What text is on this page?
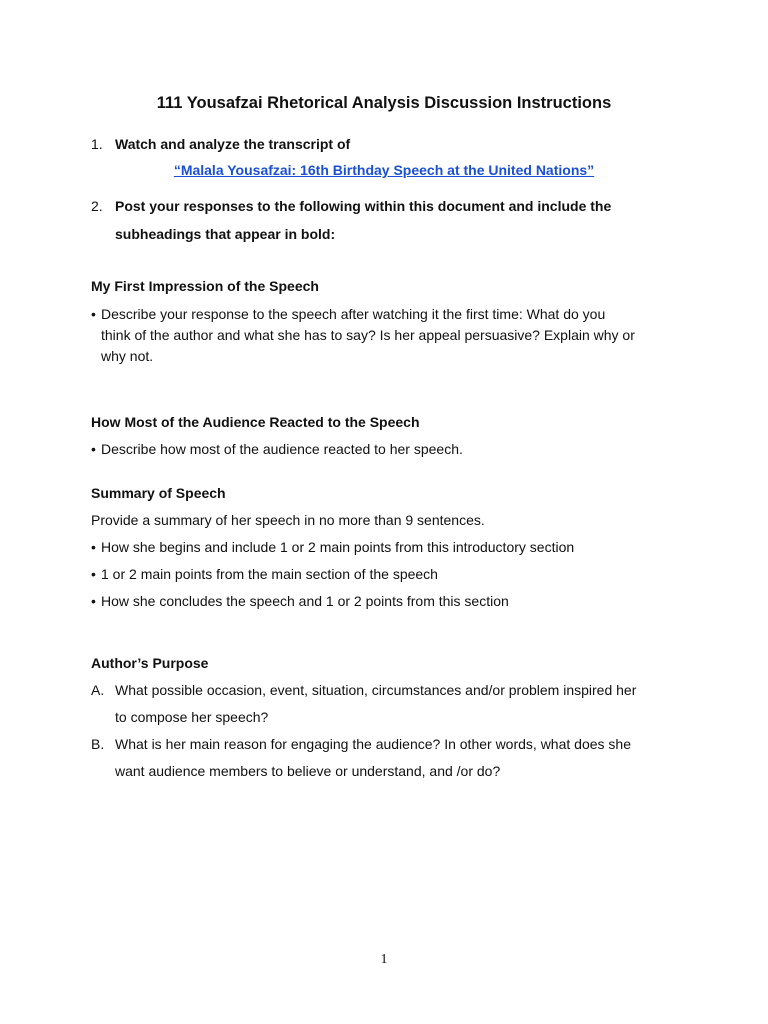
111 Yousafzai Rhetorical Analysis Discussion Instructions
1. Watch and analyze the transcript of
“Malala Yousafzai: 16th Birthday Speech at the United Nations”
2. Post your responses to the following within this document and include the
subheadings that appear in bold:
My First Impression of the Speech
• Describe your response to the speech after watching it the first time: What do you
think of the author and what she has to say? Is her appeal persuasive? Explain why or
why not.
How Most of the Audience Reacted to the Speech
• Describe how most of the audience reacted to her speech.
Summary of Speech
Provide a summary of her speech in no more than 9 sentences.
• How she begins and include 1 or 2 main points from this introductory section
• 1 or 2 main points from the main section of the speech
• How she concludes the speech and 1 or 2 points from this section
Author’s Purpose
A. What possible occasion, event, situation, circumstances and/or problem inspired her
to compose her speech?
B. What is her main reason for engaging the audience? In other words, what does she
want audience members to believe or understand, and /or do?
1
